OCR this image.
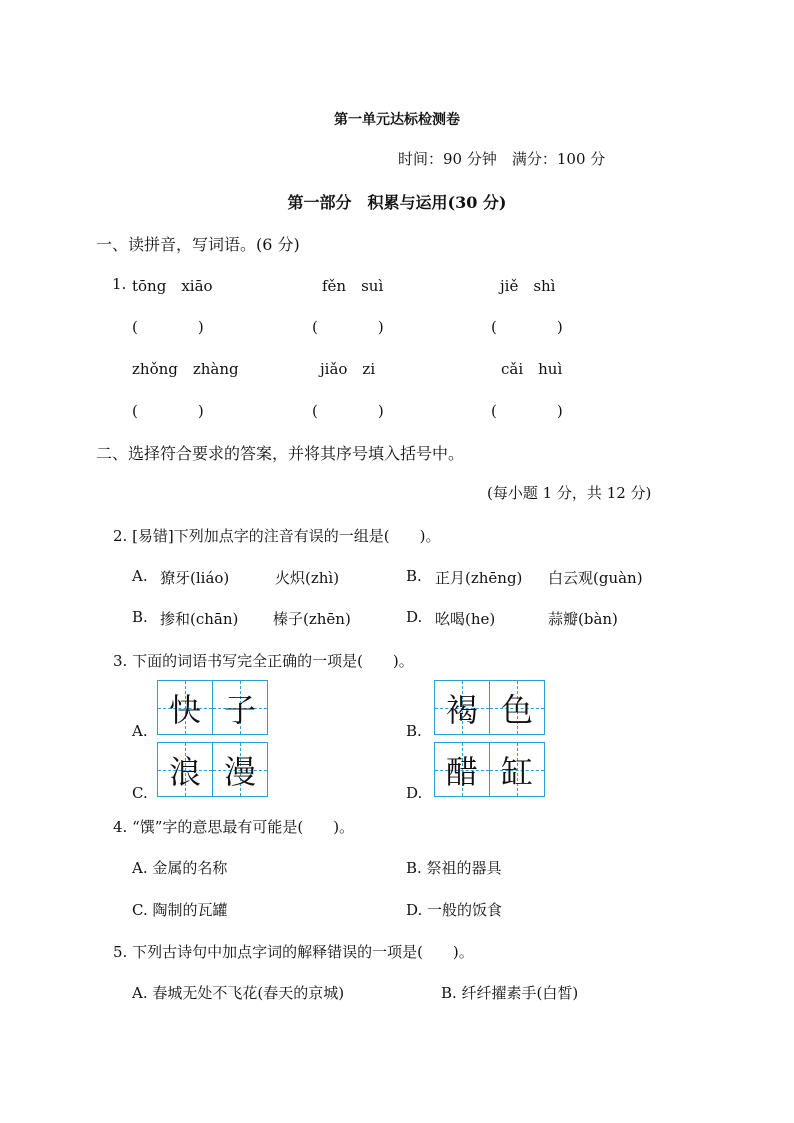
第一单元达标检测卷
时间：90 分钟　满分：100 分
第一部分　积累与运用(30 分)
一、读拼音，写词语。(6 分)
1. tōng　xiāo	fěn　suì	jiě　shì
(　　　　)	(　　　　)	(　　　　)
zhǒng　zhàng	jiǎo　zi	cǎi　huì
(　　　　)	(　　　　)	(　　　　)
二、选择符合要求的答案，并将其序号填入括号中。
(每小题 1 分，共 12 分)
2. [易错]下列加点字的注音有误的一组是(　　)。
A. 獠牙(liáo)	火炽(zhì)	B. 正月(zhēng) 白云观(guàn)
B. 掺和(chān) 榛子(zhēn)	D. 吆喝(he)	蒜瓣(bàn)
3. 下面的词语书写完全正确的一项是(　　)。
A.
快 子
B.
褐 色
C.
浪 漫
D.
醋 缸
4. “馔”字的意思最有可能是(　　)。
A. 金属的名称	B. 祭祖的器具
C. 陶制的瓦罐	D. 一般的饭食
5. 下列古诗句中加点字词的解释错误的一项是(　　)。
A. 春城无处不飞花(春天的京城)	B. 纤纤擢素手(白皙)
